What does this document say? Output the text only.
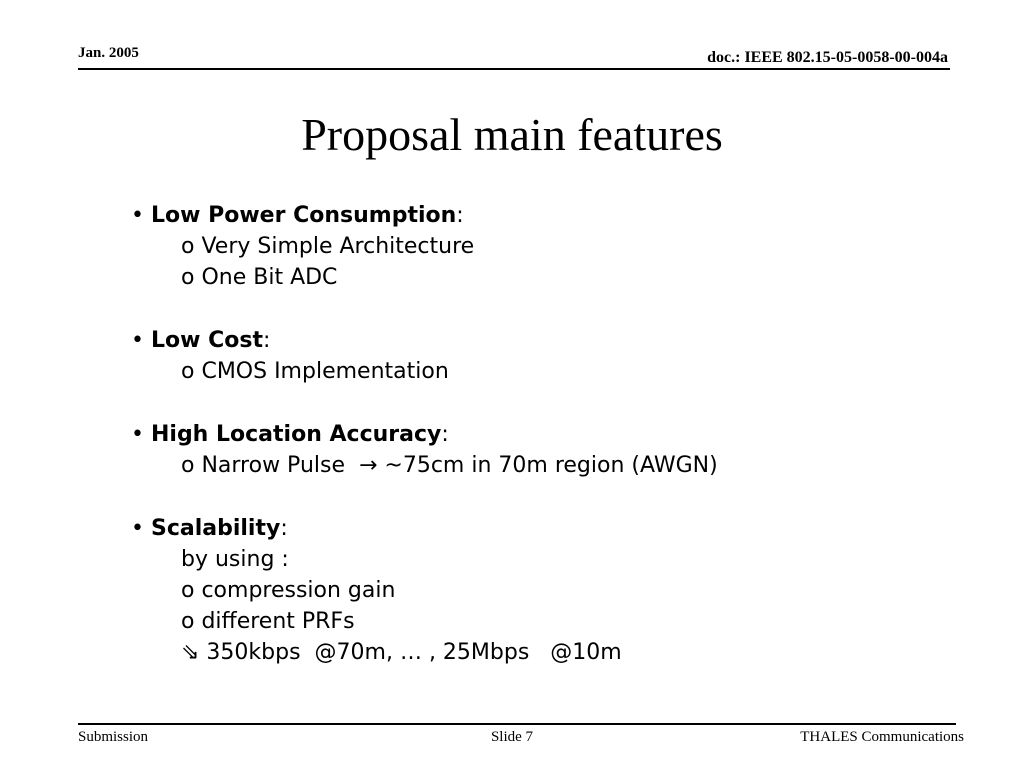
Jan. 2005	doc.: IEEE 802.15-05-0058-00-004a
Proposal main features
• Low Power Consumption:
o Very Simple Architecture
o One Bit ADC
• Low Cost:
o CMOS Implementation
• High Location Accuracy:
o Narrow Pulse  → ~75cm in 70m region (AWGN)
• Scalability:
by using :
o compression gain
o different PRFs
⇘ 350kbps  @70m, … , 25Mbps   @10m
Submission	Slide 7	THALES Communications
